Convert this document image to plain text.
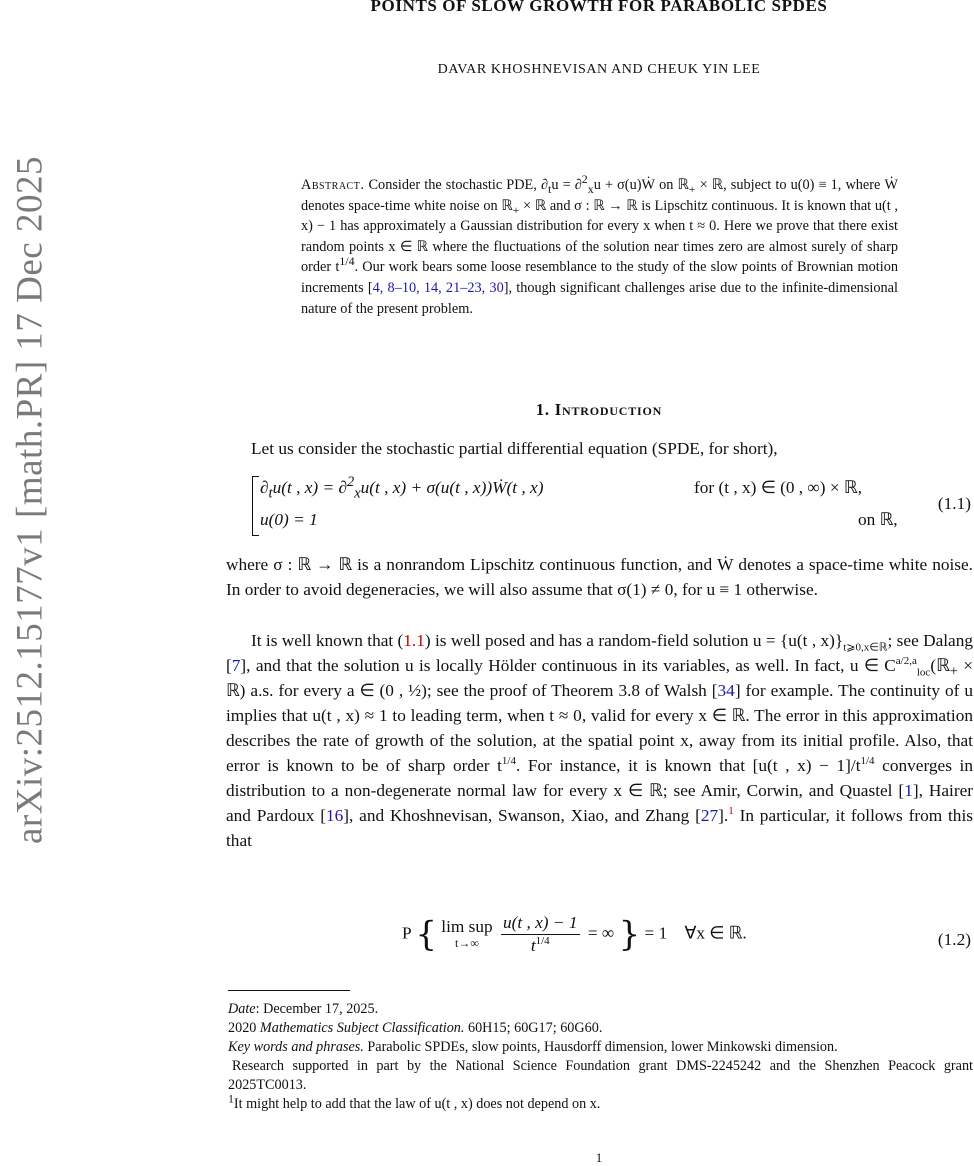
arXiv:2512.15177v1 [math.PR] 17 Dec 2025
POINTS OF SLOW GROWTH FOR PARABOLIC SPDES

DAVAR KHOSHNEVISAN AND CHEUK YIN LEE

Abstract. Consider the stochastic PDE, $\partial_tu = \partial^2_xu$ + σ(u)Ẇ on ℝ$_+$ × ℝ, subject to u(0) ≡ 1, where Ẇ denotes space-time white noise on ℝ$_+$ × ℝ and σ : ℝ → ℝ is Lipschitz continuous. It is known that u(t , x) − 1 has approximately a Gaussian distribution for every x when t ≈ 0. Here we prove that there exist random points x ∈ ℝ where the fluctuations of the solution near times zero are almost surely of sharp order $t^{1/4}$. Our work bears some loose resemblance to the study of the slow points of Brownian motion increments [4, 8–10, 14, 21–23, 30], though significant challenges arise due to the infinite-dimensional nature of the present problem.

1. Introduction

Let us consider the stochastic partial differential equation (SPDE, for short),

$\partial_tu(t$ , x) = ∂$^2_x$u(t , x) + σ(u(t , x))Ẇ(t , x)	for (t , x) ∈ (0 , ∞) × ℝ,
u(0) = 1	on ℝ,
(1.1)

where σ : ℝ → ℝ is a nonrandom Lipschitz continuous function, and Ẇ denotes a space-time white noise. In order to avoid degeneracies, we will also assume that σ(1) ≠ 0, for u ≡ 1 otherwise.

It is well known that (1.1) is well posed and has a random-field solution u = {u(t , $x)\}_{t⩾0,x\in ℝ}$; see Dalang [7], and that the solution u is locally Hölder continuous in its variables, as well. In fact, u ∈ $C^{a/2,a}_{loc}(ℝ_+$ × ℝ) a.s. for every a ∈ (0 , ½); see the proof of Theorem 3.8 of Walsh [34] for example. The continuity of u implies that u(t , x) ≈ 1 to leading term, when t ≈ 0, valid for every x ∈ ℝ. The error in this approximation describes the rate of growth of the solution, at the spatial point x, away from its initial profile. Also, that error is known to be of sharp order $t^{1/4}$. For instance, it is known that [u(t , $x) - 1]/t^{1/4}$ converges in distribution to a non-degenerate normal law for every x ∈ ℝ; see Amir, Corwin, and Quastel [1], Hairer and Pardoux [16], and Khoshnevisan, Swanson, Xiao, and Zhang [27].$^1$ In particular, it follows from this that

P { lim sup
t→∞
	$\frac{u(t , x) - 1}{t^{1/4}}$ = ∞ } = 1    ∀x ∈ ℝ.	(1.2)

Date: December 17, 2025.

2020 Mathematics Subject Classification. 60H15; 60G17; 60G60.

Key words and phrases. Parabolic SPDEs, slow points, Hausdorff dimension, lower Minkowski dimension.

Research supported in part by the National Science Foundation grant DMS-2245242 and the Shenzhen Peacock grant 2025TC0013.

$^1$It might help to add that the law of u(t , x) does not depend on x.

1
